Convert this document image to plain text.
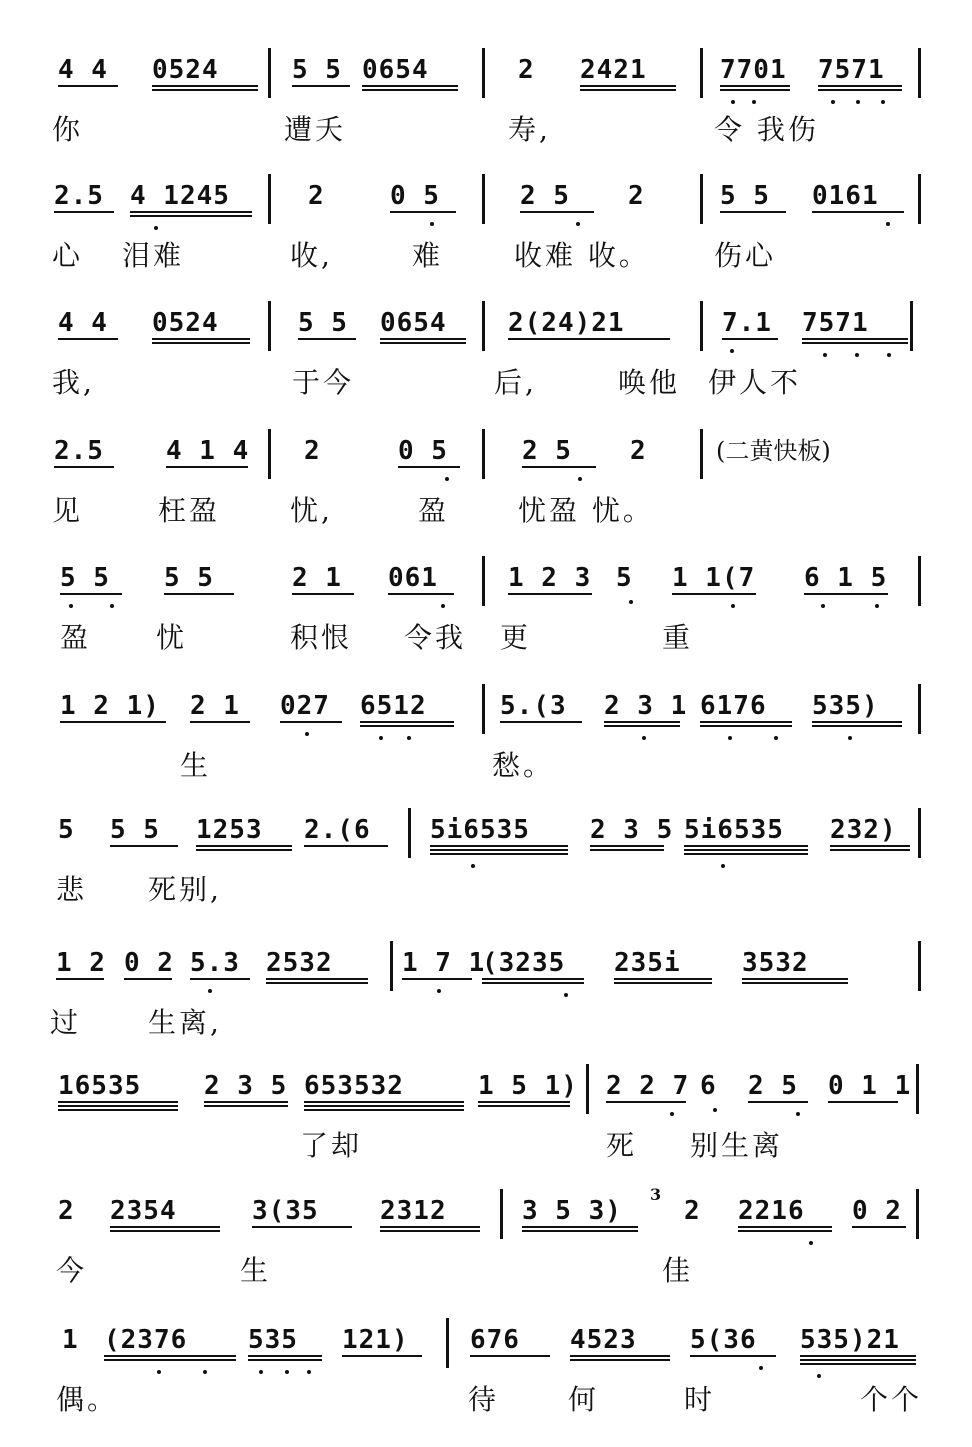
4 4	0524	5 5 0654	2	2421	7701 7571
你	遭夭	寿,	令 我伤
2.5	4 1245	2	0 5	2 5	2	5 5	0161
心 泪难	收,	难	收难 收。 伤心
4 4	0524	5 5	0654	2(24)21	7.1 7571
我,	于今	后,	唤他 伊人不
2.5	4 1 4 2	0 5	2 5	2
见	枉盈 忧,	盈 忧盈 忧。
(二黄快板)
5 5	5 5	2 1	061	1 2 3 5	1 1(7 6 1 5
盈 忧	积恨 令我 更	重
1 2 1) 2 1	027	6512	5.(3	2 3 1 6176	535)
生	愁。
5	5 5	1253	2.(6	5i6535	2 3 5 5i6535	232)
悲 死别,
1 2 0 2 5.3	2532	1 7 1
(3235	235i	3532
过 生离,
16535	2 3 5 653532	1 5 1) 2 2 7 6	2 5	0 1 1
死 别生离
了却
2	2354	3(35	2312	3 5 3)	2	2216	0 2
今	生	佳
3
1 (2376	535	121)	676	4523	5(36	535)21
偶。	待 何	时	个个
